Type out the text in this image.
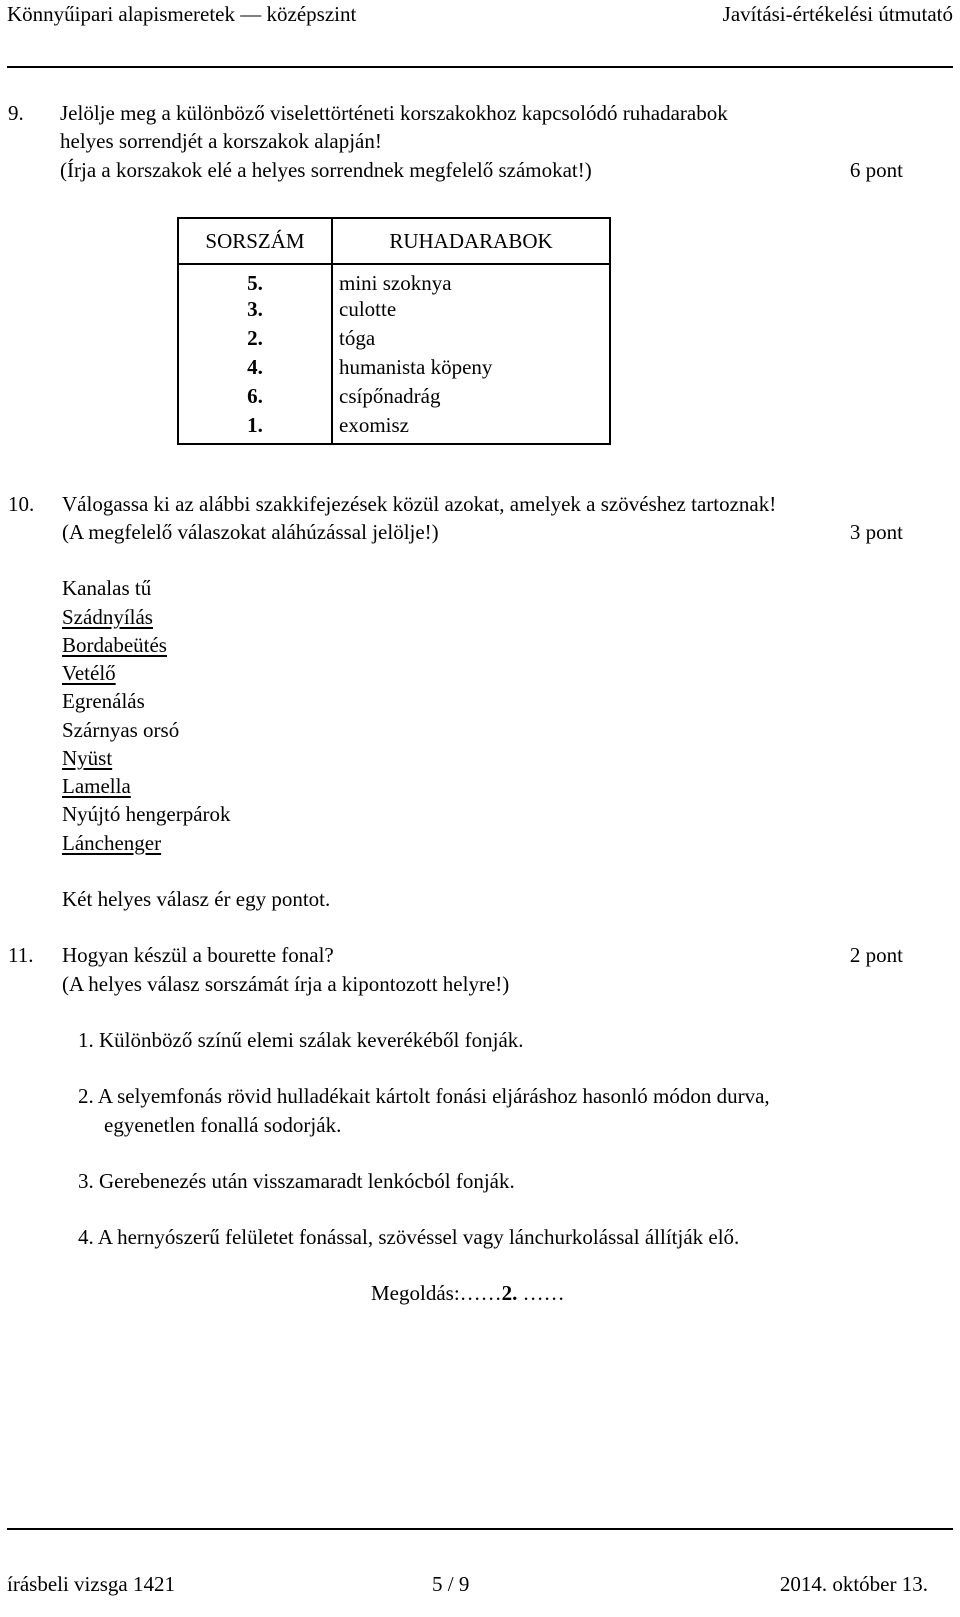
Könnyűipari alapismeretek — középszint	Javítási-értékelési útmutató
9. Jelölje meg a különböző viselettörténeti korszakokhoz kapcsolódó ruhadarabok
helyes sorrendjét a korszakok alapján!
(Írja a korszakok elé a helyes sorrendnek megfelelő számokat!)	6 pont
SORSZÁM	RUHADARABOK
5.	mini szoknya
3.	culotte
2.	tóga
4.	humanista köpeny
6.	csípőnadrág
1.	exomisz
10. Válogassa ki az alábbi szakkifejezések közül azokat, amelyek a szövéshez tartoznak!
(A megfelelő válaszokat aláhúzással jelölje!)	3 pont
Kanalas tű
Szádnyílás
Bordabeütés
Vetélő
Egrenálás
Szárnyas orsó
Nyüst
Lamella
Nyújtó hengerpárok
Lánchenger
Két helyes válasz ér egy pontot.
11. Hogyan készül a bourette fonal?	2 pont
(A helyes válasz sorszámát írja a kipontozott helyre!)
1. Különböző színű elemi szálak keverékéből fonják.
2. A selyemfonás rövid hulladékait kártolt fonási eljáráshoz hasonló módon durva,
egyenetlen fonallá sodorják.
3. Gerebenezés után visszamaradt lenkócból fonják.
4. A hernyószerű felületet fonással, szövéssel vagy lánchurkolással állítják elő.
Megoldás:……2. ……
írásbeli vizsga 1421	5 / 9	2014. október 13.
